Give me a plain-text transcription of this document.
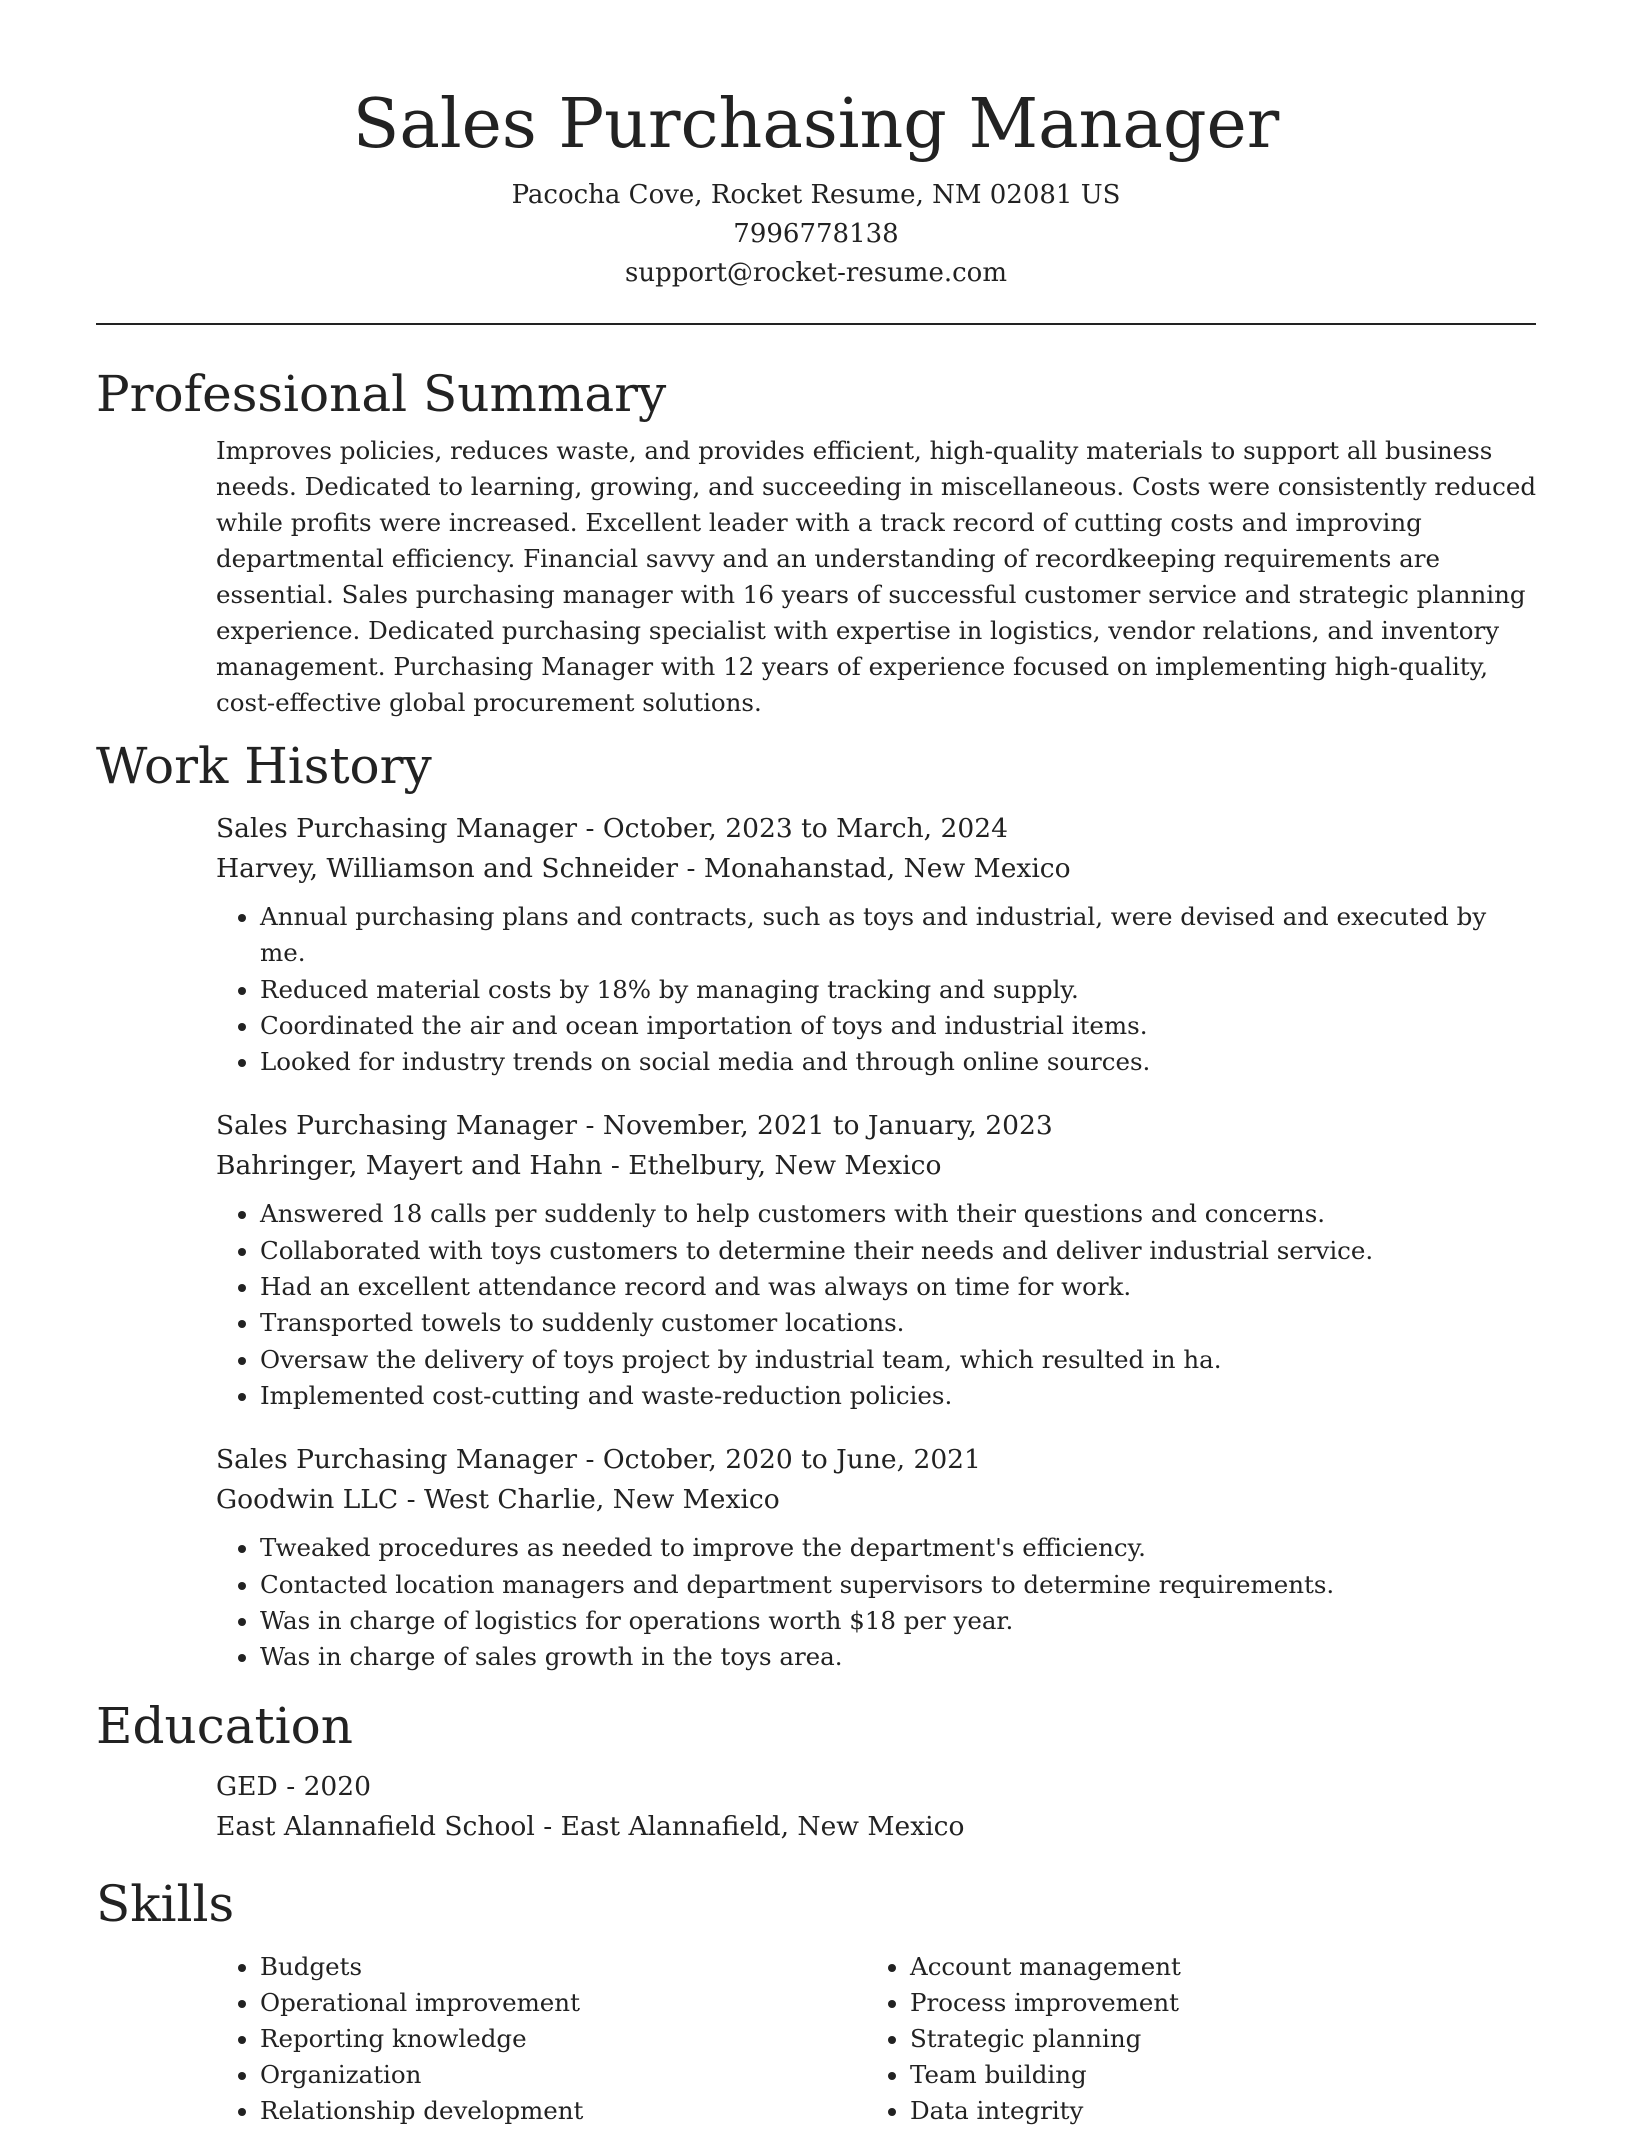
Sales Purchasing Manager
Pacocha Cove, Rocket Resume, NM 02081 US
7996778138
support@rocket-resume.com
Professional Summary

Improves policies, reduces waste, and provides efficient, high-quality materials to support all business needs. Dedicated to learning, growing, and succeeding in miscellaneous. Costs were consistently reduced while profits were increased. Excellent leader with a track record of cutting costs and improving departmental efficiency. Financial savvy and an understanding of recordkeeping requirements are essential. Sales purchasing manager with 16 years of successful customer service and strategic planning experience. Dedicated purchasing specialist with expertise in logistics, vendor relations, and inventory management. Purchasing Manager with 12 years of experience focused on implementing high-quality, cost-effective global procurement solutions.

Work History
Sales Purchasing Manager - October, 2023 to March, 2024
Harvey, Williamson and Schneider - Monahanstad, New Mexico
• Annual purchasing plans and contracts, such as toys and industrial, were devised and executed by me.
• Reduced material costs by 18% by managing tracking and supply.
• Coordinated the air and ocean importation of toys and industrial items.
• Looked for industry trends on social media and through online sources.
Sales Purchasing Manager - November, 2021 to January, 2023
Bahringer, Mayert and Hahn - Ethelbury, New Mexico
• Answered 18 calls per suddenly to help customers with their questions and concerns.
• Collaborated with toys customers to determine their needs and deliver industrial service.
• Had an excellent attendance record and was always on time for work.
• Transported towels to suddenly customer locations.
• Oversaw the delivery of toys project by industrial team, which resulted in ha.
• Implemented cost-cutting and waste-reduction policies.
Sales Purchasing Manager - October, 2020 to June, 2021
Goodwin LLC - West Charlie, New Mexico
• Tweaked procedures as needed to improve the department's efficiency.
• Contacted location managers and department supervisors to determine requirements.
• Was in charge of logistics for operations worth $18 per year.
• Was in charge of sales growth in the toys area.
Education
GED - 2020
East Alannafield School - East Alannafield, New Mexico
Skills
• Budgets
• Operational improvement
• Reporting knowledge
• Organization
• Relationship development
• Account management
• Process improvement
• Strategic planning
• Team building
• Data integrity
